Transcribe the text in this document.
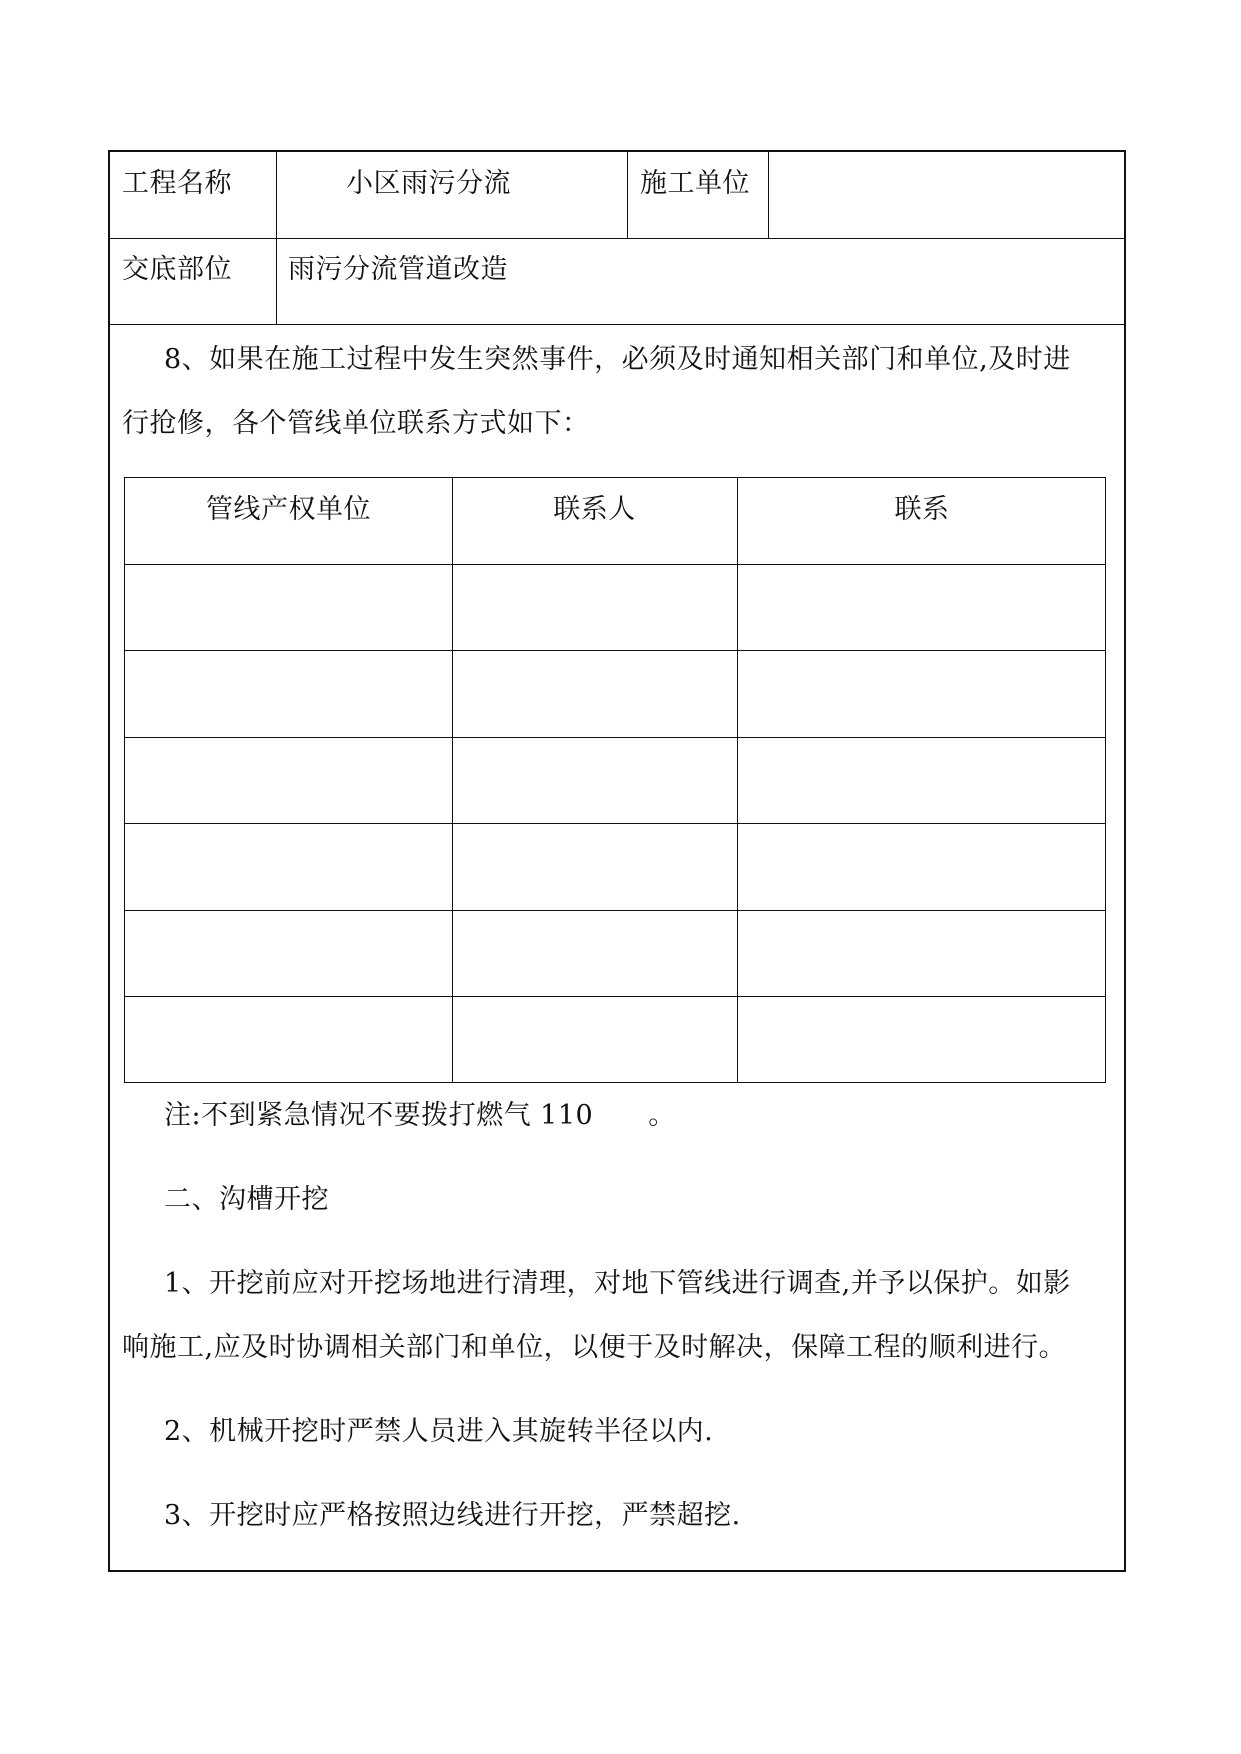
工程名称	小区雨污分流	施工单位
交底部位 雨污分流管道改造
8、如果在施工过程中发生突然事件，必须及时通知相关部门和单位,及时进
行抢修，各个管线单位联系方式如下：
管线产权单位	联系人	联系
注:不到紧急情况不要拨打燃气 110　　。
二、沟槽开挖
1、开挖前应对开挖场地进行清理，对地下管线进行调查,并予以保护。如影
响施工,应及时协调相关部门和单位，以便于及时解决，保障工程的顺利进行。
2、机械开挖时严禁人员进入其旋转半径以内.
3、开挖时应严格按照边线进行开挖，严禁超挖.
